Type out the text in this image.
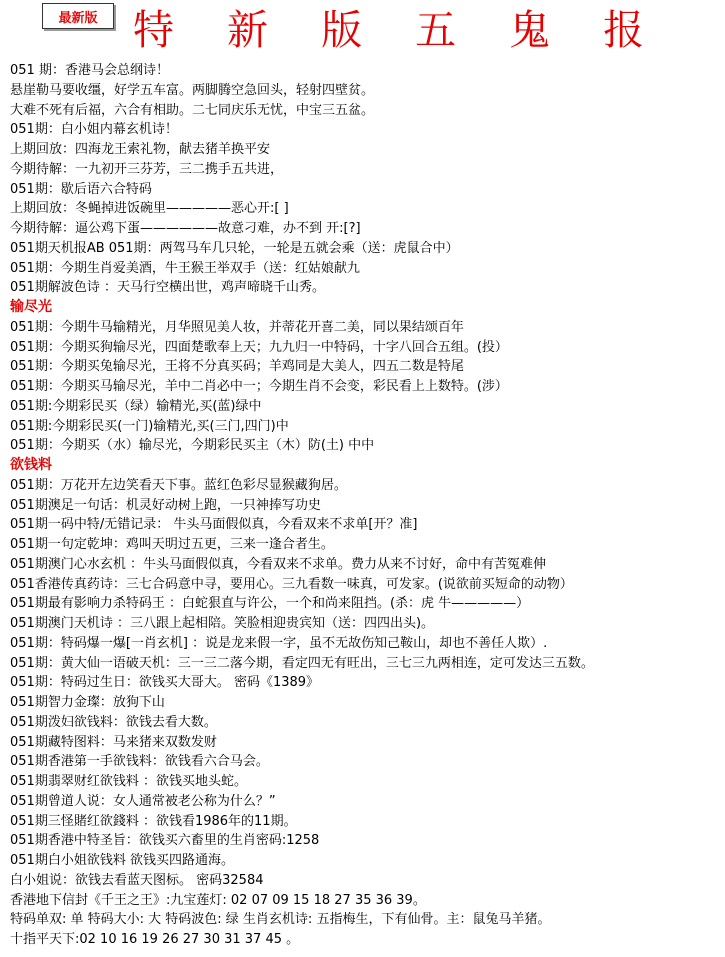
最新版 特 新 版 五 鬼 报
051 期：香港马会总纲诗！
悬崖勒马要收缰，好学五车富。两脚腾空急回头，轻射四壁贫。
大难不死有后福，六合有相助。二七同庆乐无忧，中宝三五盆。
051期：白小姐内幕玄机诗！
上期回放：四海龙王索礼物，献去猪羊换平安
今期待解：一九初开三芬芳，三二携手五共进，
051期：歇后语六合特码
上期回放：冬蝇掉进饭碗里—————恶心开:[ ]
今期待解：逼公鸡下蛋——————故意刁难，办不到 开:[?]
051期天机报AB 051期：两驾马车几只轮，一轮是五就会乘（送：虎鼠合中）
051期：今期生肖爱美酒，牛王猴王举双手（送：红姑娘献九
051期解波色诗 ：天马行空横出世，鸡声啼晓千山秀。
输尽光
051期：今期牛马输精光，月华照见美人妆，并蒂花开喜二美，同以果结颂百年
051期：今期买狗输尽光，四面楚歌奉上天；九九归一中特码，十字八回合五组。(投）
051期：今期买兔输尽光，王将不分真买码；羊鸡同是大美人，四五二数是特尾
051期：今期买马输尽光，羊中二肖必中一；今期生肖不会变，彩民看上上数特。(涉）
051期:今期彩民买（绿）输精光,买(蓝)绿中
051期:今期彩民买(一门)输精光,买(三门,四门)中
051期：今期买（水）输尽光，今期彩民买主（木）防(土) 中中
欲钱料
051期：万花开左边笑看天下事。蓝红色彩尽显猴藏狗居。
051期澳足一句话：机灵好动树上跑，一只神捧写功史
051期一码中特/无错记录： 牛头马面假似真，今看双来不求单[开？准]
051期一句定乾坤：鸡叫天明过五更，三来一逢合者生。
051期澳门心水玄机 ：牛头马面假似真，今看双来不求单。费力从来不讨好，命中有苦冤难伸
051香港传真药诗：三七合码意中寻，要用心。三九看数一味真，可发家。(说欲前买短命的动物）
051期最有影响力杀特码王 ：白蛇狠直与许公，一个和尚来阻挡。(杀：虎 牛—————）
051期澳门天机诗 ：三八跟上起相陪。笑脸相迎贵宾知（送：四四出头)。
051期：特码爆一爆[一肖玄机] ：说是龙来假一字，虽不无故伤知己鞍山，却也不善任人欺）.
051期：黄大仙一语破天机：三一三二落今期，看定四无有旺出，三七三九两相连，定可发达三五数。
051期：特码过生日：欲钱买大哥大。 密码《1389》
051期智力金璨：放狗下山
051期泼妇欲钱料：欲钱去看大数。
051期藏特图料：马来猪来双数发财
051期香港第一手欲钱料：欲钱看六合马会。
051期翡翠财红欲钱料 ：欲钱买地头蛇。
051期曾道人说：女人通常被老公称为什么？”
051期三怪賭红欲錢料 ：欲钱看1986年的11期。
051期香港中特圣旨：欲钱买六畜里的生肖密码:1258
051期白小姐欲钱料 欲钱买四路通海。
白小姐说：欲钱去看蓝天图标。 密码32584
香港地下信封《千王之王》:九宝莲灯: 02 07 09 15 18 27 35 36 39。
特码单双: 单 特码大小: 大 特码波色: 绿 生肖玄机诗: 五指梅生，下有仙骨。主：鼠兔马羊猪。
十指平天下:02 10 16 19 26 27 30 31 37 45 。
